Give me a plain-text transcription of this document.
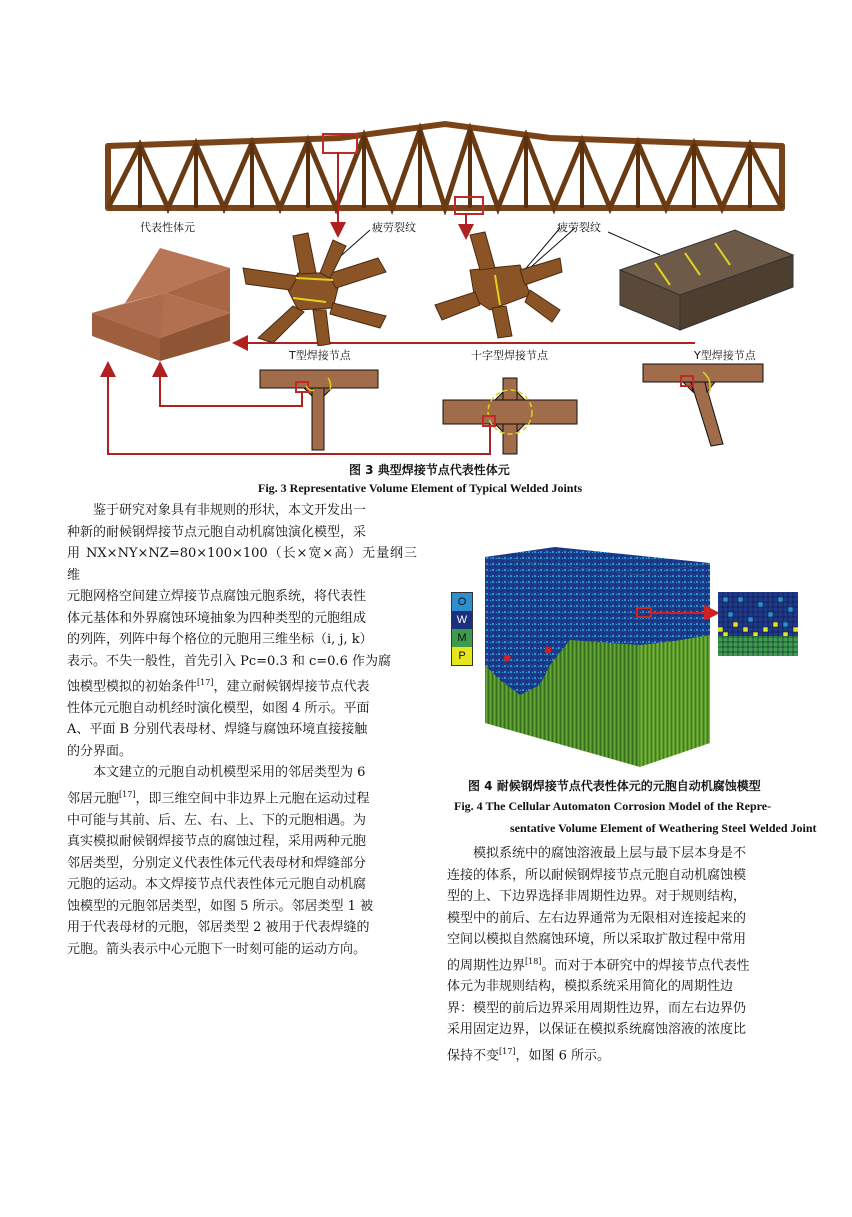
代表性体元	疲劳裂纹	疲劳裂纹
T型焊接节点	十字型焊接节点	Y型焊接节点
图 3 典型焊接节点代表性体元
Fig. 3 Representative Volume Element of Typical Welded Joints

鉴于研究对象具有非规则的形状，本文开发出一
种新的耐候钢焊接节点元胞自动机腐蚀演化模型，采
用 NX×NY×NZ=80×100×100（长×宽×高）无量纲三维
元胞网格空间建立焊接节点腐蚀元胞系统，将代表性
体元基体和外界腐蚀环境抽象为四种类型的元胞组成
的列阵，列阵中每个格位的元胞用三维坐标（i, j, k）
表示。不失一般性，首先引入 Pc=0.3 和 c=0.6 作为腐
蚀模型模拟的初始条件[17]，建立耐候钢焊接节点代表
性体元元胞自动机经时演化模型，如图 4 所示。平面
A、平面 B 分别代表母材、焊缝与腐蚀环境直接接触
的分界面。

本文建立的元胞自动机模型采用的邻居类型为 6
邻居元胞[17]，即三维空间中非边界上元胞在运动过程
中可能与其前、后、左、右、上、下的元胞相遇。为
真实模拟耐候钢焊接节点的腐蚀过程，采用两种元胞
邻居类型，分别定义代表性体元代表母材和焊缝部分
元胞的运动。本文焊接节点代表性体元元胞自动机腐
蚀模型的元胞邻居类型，如图 5 所示。邻居类型 1 被
用于代表母材的元胞，邻居类型 2 被用于代表焊缝的
元胞。箭头表示中心元胞下一时刻可能的运动方向。

O
W
M
P
图 4 耐候钢焊接节点代表性体元的元胞自动机腐蚀模型
Fig. 4 The Cellular Automaton Corrosion Model of the Repre-
sentative Volume Element of Weathering Steel Welded Joint

模拟系统中的腐蚀溶液最上层与最下层本身是不
连接的体系，所以耐候钢焊接节点元胞自动机腐蚀模
型的上、下边界选择非周期性边界。对于规则结构，
模型中的前后、左右边界通常为无限相对连接起来的
空间以模拟自然腐蚀环境，所以采取扩散过程中常用
的周期性边界[18]。而对于本研究中的焊接节点代表性
体元为非规则结构，模拟系统采用简化的周期性边
界：模型的前后边界采用周期性边界，而左右边界仍
采用固定边界，以保证在模拟系统腐蚀溶液的浓度比
保持不变[17]，如图 6 所示。
